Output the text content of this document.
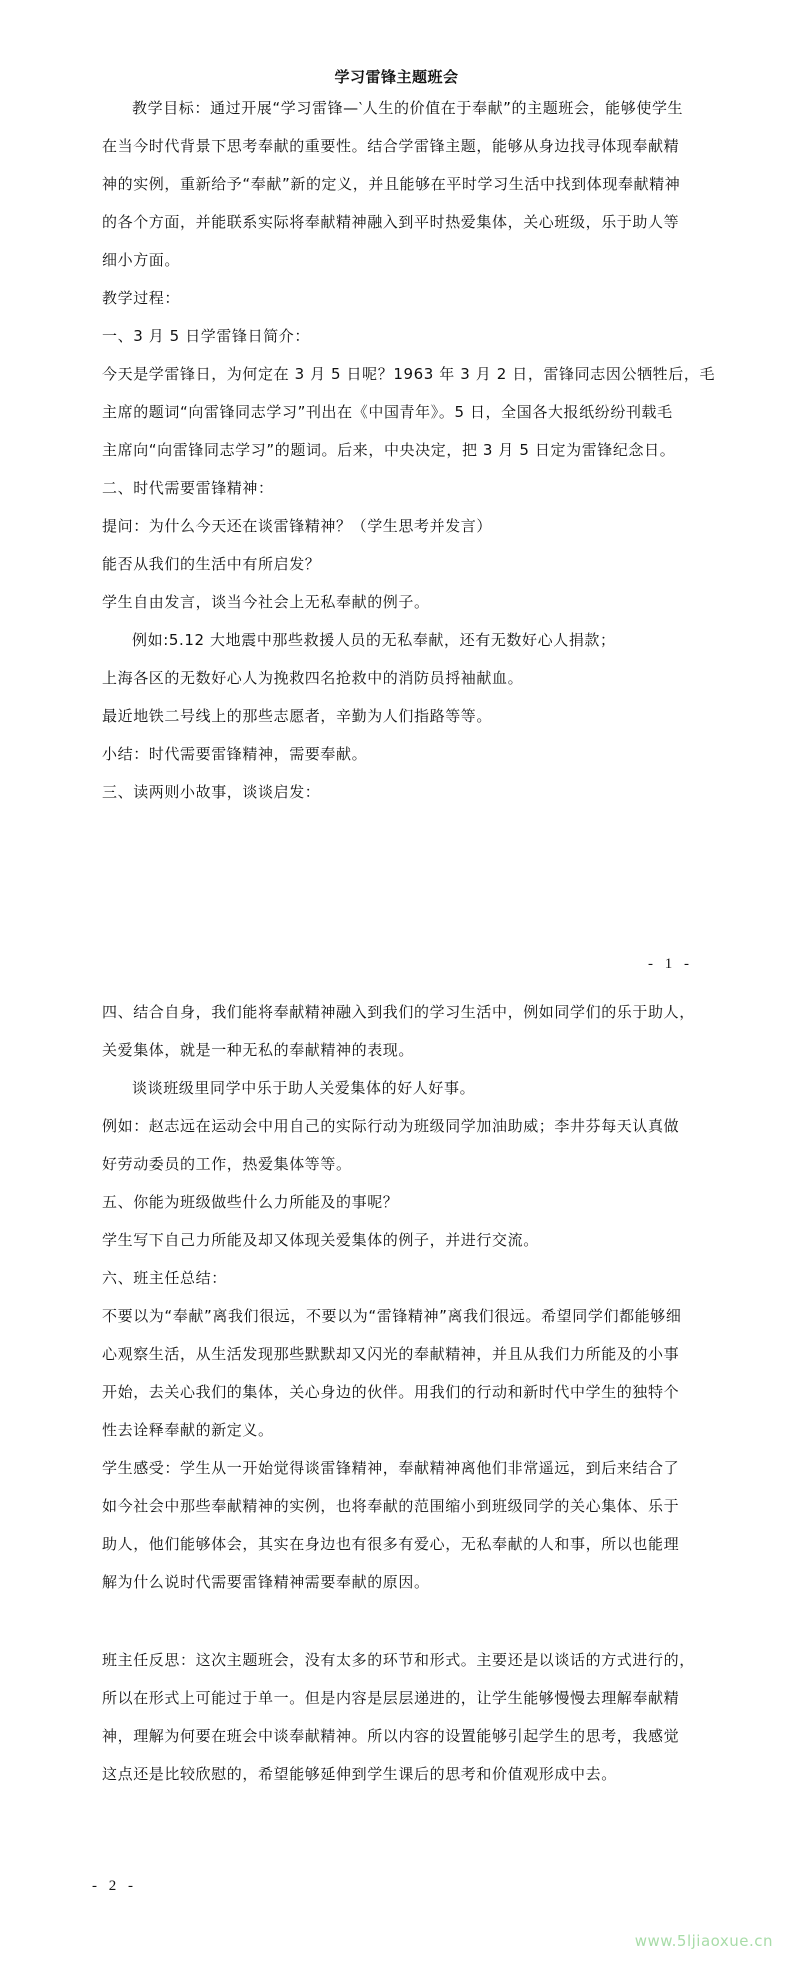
学习雷锋主题班会
教学目标：通过开展“学习雷锋—‵人生的价值在于奉献”的主题班会，能够使学生
在当今时代背景下思考奉献的重要性。结合学雷锋主题，能够从身边找寻体现奉献精
神的实例，重新给予“奉献”新的定义，并且能够在平时学习生活中找到体现奉献精神
的各个方面，并能联系实际将奉献精神融入到平时热爱集体，关心班级，乐于助人等
细小方面。
教学过程：
一、3 月 5 日学雷锋日简介：
今天是学雷锋日，为何定在 3 月 5 日呢？1963 年 3 月 2 日，雷锋同志因公牺牲后，毛
主席的题词“向雷锋同志学习”刊出在《中国青年》。5 日，全国各大报纸纷纷刊载毛
主席向“向雷锋同志学习”的题词。后来，中央决定，把 3 月 5 日定为雷锋纪念日。
二、时代需要雷锋精神：
提问：为什么今天还在谈雷锋精神？（学生思考并发言）
能否从我们的生活中有所启发？
学生自由发言，谈当今社会上无私奉献的例子。
例如:5.12 大地震中那些救援人员的无私奉献，还有无数好心人捐款；
上海各区的无数好心人为挽救四名抢救中的消防员捋袖献血。
最近地铁二号线上的那些志愿者，辛勤为人们指路等等。
小结：时代需要雷锋精神，需要奉献。
三、读两则小故事，谈谈启发：
- 1 -
四、结合自身，我们能将奉献精神融入到我们的学习生活中，例如同学们的乐于助人，
关爱集体，就是一种无私的奉献精神的表现。
谈谈班级里同学中乐于助人关爱集体的好人好事。
例如：赵志远在运动会中用自己的实际行动为班级同学加油助威；李井芬每天认真做
好劳动委员的工作，热爱集体等等。
五、你能为班级做些什么力所能及的事呢？
学生写下自己力所能及却又体现关爱集体的例子，并进行交流。
六、班主任总结：
不要以为“奉献”离我们很远，不要以为“雷锋精神”离我们很远。希望同学们都能够细
心观察生活，从生活发现那些默默却又闪光的奉献精神，并且从我们力所能及的小事
开始，去关心我们的集体，关心身边的伙伴。用我们的行动和新时代中学生的独特个
性去诠释奉献的新定义。
学生感受：学生从一开始觉得谈雷锋精神，奉献精神离他们非常遥远，到后来结合了
如今社会中那些奉献精神的实例，也将奉献的范围缩小到班级同学的关心集体、乐于
助人，他们能够体会，其实在身边也有很多有爱心，无私奉献的人和事，所以也能理
解为什么说时代需要雷锋精神需要奉献的原因。
班主任反思：这次主题班会，没有太多的环节和形式。主要还是以谈话的方式进行的，
所以在形式上可能过于单一。但是内容是层层递进的，让学生能够慢慢去理解奉献精
神，理解为何要在班会中谈奉献精神。所以内容的设置能够引起学生的思考，我感觉
这点还是比较欣慰的，希望能够延伸到学生课后的思考和价值观形成中去。
- 2 -
www.5ljiaoxue.cn
